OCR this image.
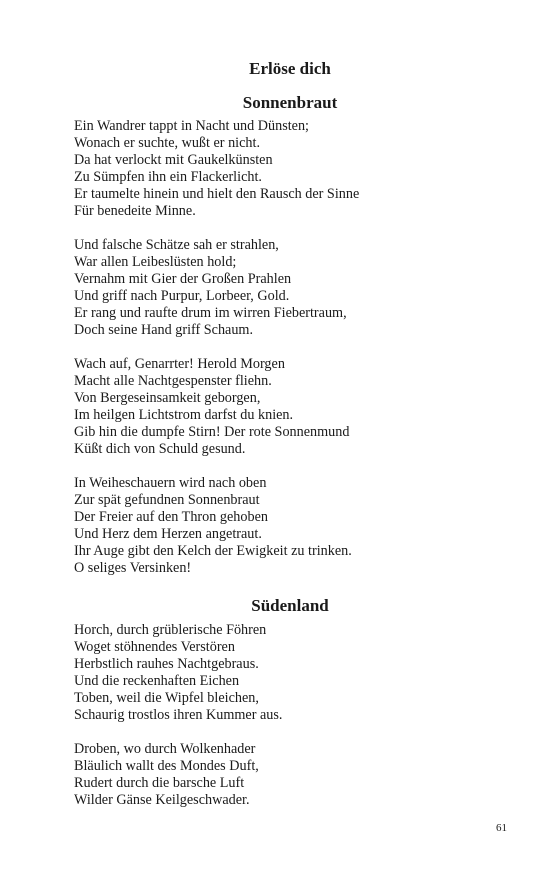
Erlöse dich
Sonnenbraut
Ein Wandrer tappt in Nacht und Dünsten;
Wonach er suchte, wußt er nicht.
Da hat verlockt mit Gaukelkünsten
Zu Sümpfen ihn ein Flackerlicht.
Er taumelte hinein und hielt den Rausch der Sinne
Für benedeite Minne.
Und falsche Schätze sah er strahlen,
War allen Leibeslüsten hold;
Vernahm mit Gier der Großen Prahlen
Und griff nach Purpur, Lorbeer, Gold.
Er rang und raufte drum im wirren Fiebertraum,
Doch seine Hand griff Schaum.
Wach auf, Genarrter! Herold Morgen
Macht alle Nachtgespenster fliehn.
Von Bergeseinsamkeit geborgen,
Im heilgen Lichtstrom darfst du knien.
Gib hin die dumpfe Stirn! Der rote Sonnenmund
Küßt dich von Schuld gesund.
In Weiheschauern wird nach oben
Zur spät gefundnen Sonnenbraut
Der Freier auf den Thron gehoben
Und Herz dem Herzen angetraut.
Ihr Auge gibt den Kelch der Ewigkeit zu trinken.
O seliges Versinken!
Südenland
Horch, durch grüblerische Föhren
Woget stöhnendes Verstören
Herbstlich rauhes Nachtgebraus.
Und die reckenhaften Eichen
Toben, weil die Wipfel bleichen,
Schaurig trostlos ihren Kummer aus.
Droben, wo durch Wolkenhader
Bläulich wallt des Mondes Duft,
Rudert durch die barsche Luft
Wilder Gänse Keilgeschwader.
61
